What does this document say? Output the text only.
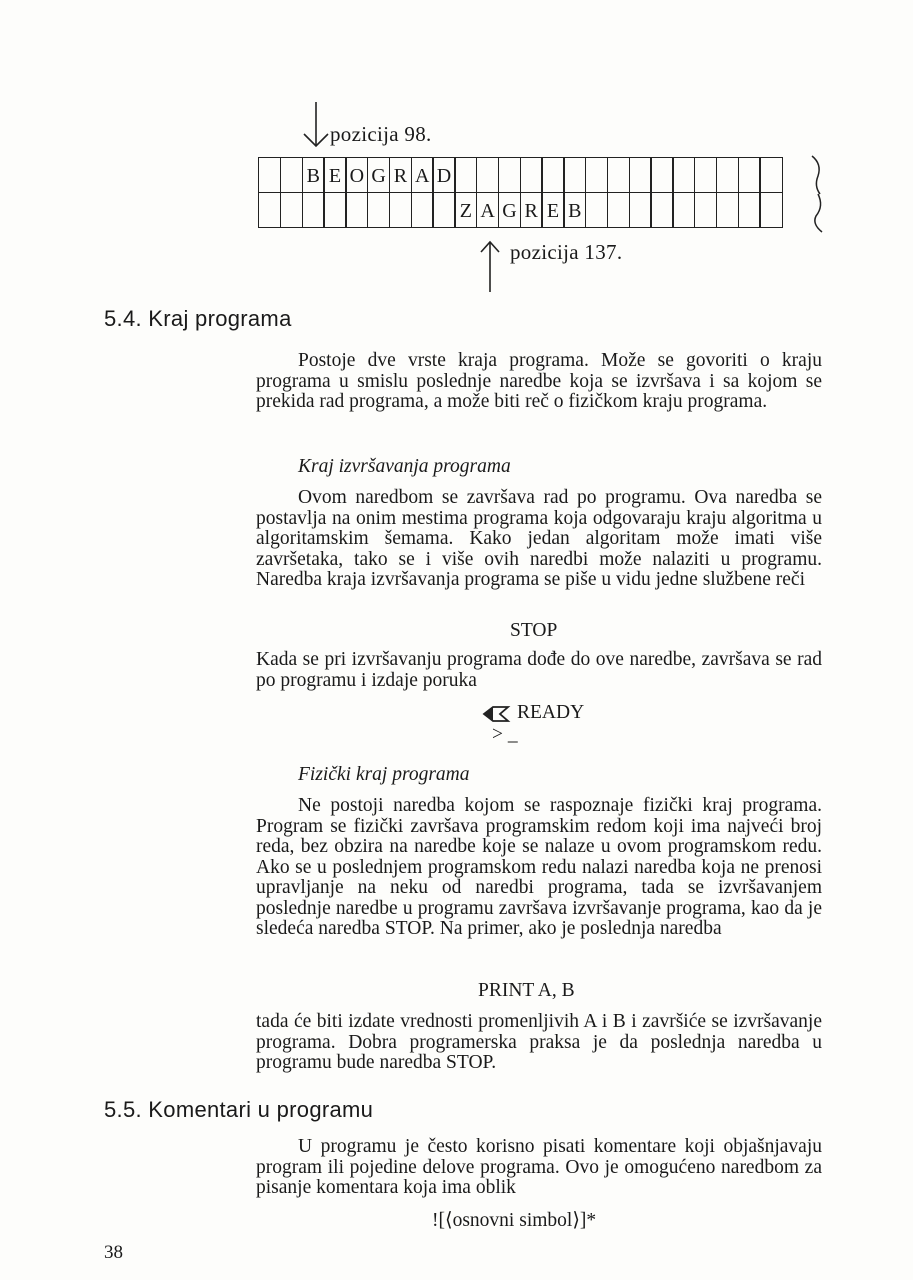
pozicija 98.
B E O G R A D
Z A G R E B
pozicija 137.
5.4. Kraj programa
Postoje dve vrste kraja programa. Može se govoriti o kraju programa u smislu poslednje naredbe koja se izvršava i sa kojom se prekida rad programa, a može biti reč o fizičkom kraju programa.
Kraj izvršavanja programa
Ovom naredbom se završava rad po programu. Ova naredba se postavlja na onim mestima programa koja odgovaraju kraju algoritma u algoritamskim šemama. Kako jedan algoritam može imati više završetaka, tako se i više ovih naredbi može nalaziti u programu. Naredba kraja izvršavanja programa se piše u vidu jedne službene reči
STOP
Kada se pri izvršavanju programa dođe do ove naredbe, završava se rad po programu i izdaje poruka
READY
> _
Fizički kraj programa
Ne postoji naredba kojom se raspoznaje fizički kraj programa. Program se fizički završava programskim redom koji ima najveći broj reda, bez obzira na naredbe koje se nalaze u ovom programskom redu. Ako se u poslednjem programskom redu nalazi naredba koja ne prenosi upravljanje na neku od naredbi programa, tada se izvršavanjem poslednje naredbe u programu završava izvršavanje programa, kao da je sledeća naredba STOP. Na primer, ako je poslednja naredba
PRINT A, B
tada će biti izdate vrednosti promenljivih A i B i završiće se izvršavanje programa. Dobra programerska praksa je da poslednja naredba u programu bude naredba STOP.
5.5. Komentari u programu
U programu je često korisno pisati komentare koji objašnjavaju program ili pojedine delove programa. Ovo je omogućeno naredbom za pisanje komentara koja ima oblik
![⟨osnovni simbol⟩]*
38
